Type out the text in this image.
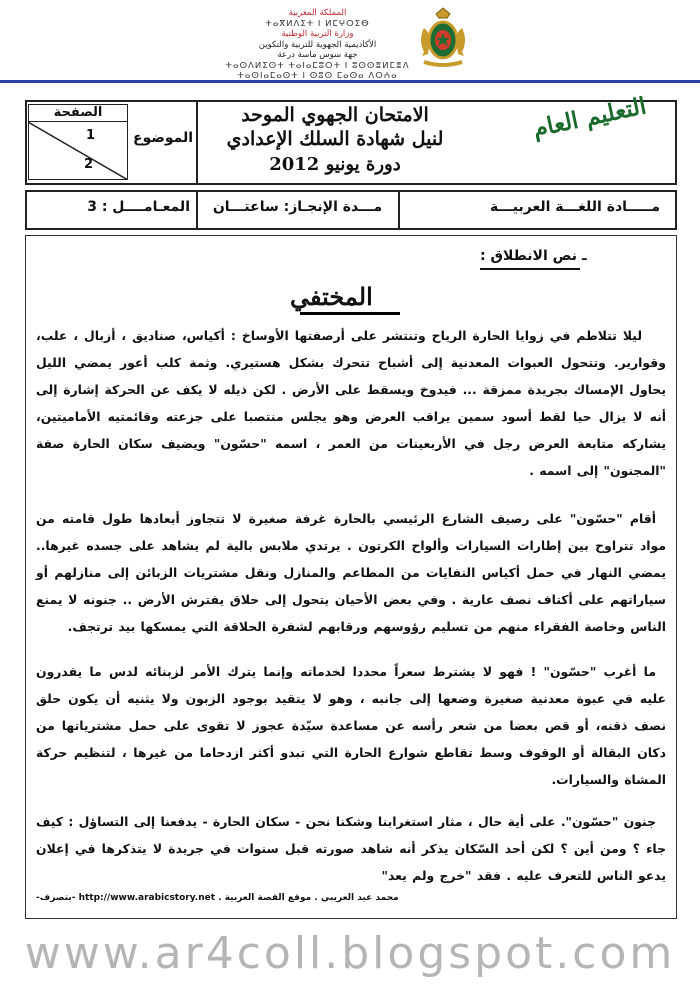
المملكة المغربية
ⵜⴰⴳⵍⴷⵉⵜ ⵏ ⵍⵎⵖⵔⵉⴱ
وزارة التربية الوطنية
الأكاديمية الجهوية للتربية والتكوين
جهة سوس ماسة درعة
ⵜⴰⵙⴷⵍⵉⵙⵜ ⵜⴰⵏⴰⵎⵓⵔⵜ ⵏ ⵓⵙⵙⴻⵍⵎⴻⴷ
ⵜⴰⵙⵏⴰⵎⴰⵙⵜ ⵏ ⵙⵓⵙ ⵎⴰⵙⴰ ⴷⵔⵄⴰ
الصفحة
1
2
الموضوع
الامتحان الجهوي الموحد
لنيل شهادة السلك الإعدادي
دورة يونيو 2012
التعليم العام
مـــــادة اللغـــة العربيـــة
مـــدة الإنجـاز: ساعتـــان
المعـامــــل : 3
ـ نص الانطلاق :
المختفي
ليلا تتلاطم في زوايا الحارة الرياح وتنتشر على أرصفتها الأوساخ : أكياس، صناديق ، أزبال ، علب، وقوارير. وتتحول العبوات المعدنية إلى أشباح تتحرك بشكل هستيري. وثمة كلب أعور يمضي الليل يحاول الإمساك بجريدة ممزقة ... فيدوخ ويسقط على الأرض . لكن ذيله لا يكف عن الحركة إشارة إلى أنه لا يزال حيا لقط أسود سمين يراقب العرض وهو يجلس منتصبا على جزعته وقائمتيه الأماميتين، يشاركه متابعة العرض رجل في الأربعينات من العمر ، اسمه "حسّون" ويضيف سكان الحارة صفة "المجنون" إلى اسمه .
أقام "حسّون" على رصيف الشارع الرئيسي بالحارة غرفة صغيرة لا تتجاوز أبعادها طول قامته من مواد تتراوح بين إطارات السيارات وألواح الكرتون . يرتدي ملابس بالية لم يشاهد على جسده غيرها.. يمضي النهار في حمل أكياس النفايات من المطاعم والمنازل ونقل مشتريات الزبائن إلى منازلهم أو سياراتهم على أكتاف نصف عارية . وفي بعض الأحيان يتحول إلى حلاق يفترش الأرض .. جنونه لا يمنع الناس وخاصة الفقراء منهم من تسليم رؤوسهم ورقابهم لشفرة الحلاقة التي يمسكها بيد ترتجف.
ما أغرب "حسّون" ! فهو لا يشترط سعراً محددا لخدماته وإنما يترك الأمر لزبنائه لدس ما يقدرون عليه في عبوة معدنية صغيرة وضعها إلى جانبه ، وهو لا يتقيد بوجود الزبون ولا يثنيه أن يكون حلق نصف ذقنه، أو قص بعضا من شعر رأسه عن مساعدة سيّدة عجوز لا تقوى على حمل مشترياتها من دكان البقالة أو الوقوف وسط تقاطع شوارع الحارة التي تبدو أكثر ازدحاما من غيرها ، لتنظيم حركة المشاة والسيارات.
جنون "حسّون". على أية حال ، مثار استغرابنا وشكنا نحن - سكان الحارة - يدفعنا إلى التساؤل : كيف جاء ؟ ومن أين ؟ لكن أحد السّكان يذكر أنه شاهد صورته قبل سنوات في جريدة لا يتذكرها في إعلان يدعو الناس للتعرف عليه . فقد "خرج ولم يعد"
محمد عيد العريبي . موقع القصة العربية . http://www.arabicstory.net -بتصرف-
www.ar4coll.blogspot.com
